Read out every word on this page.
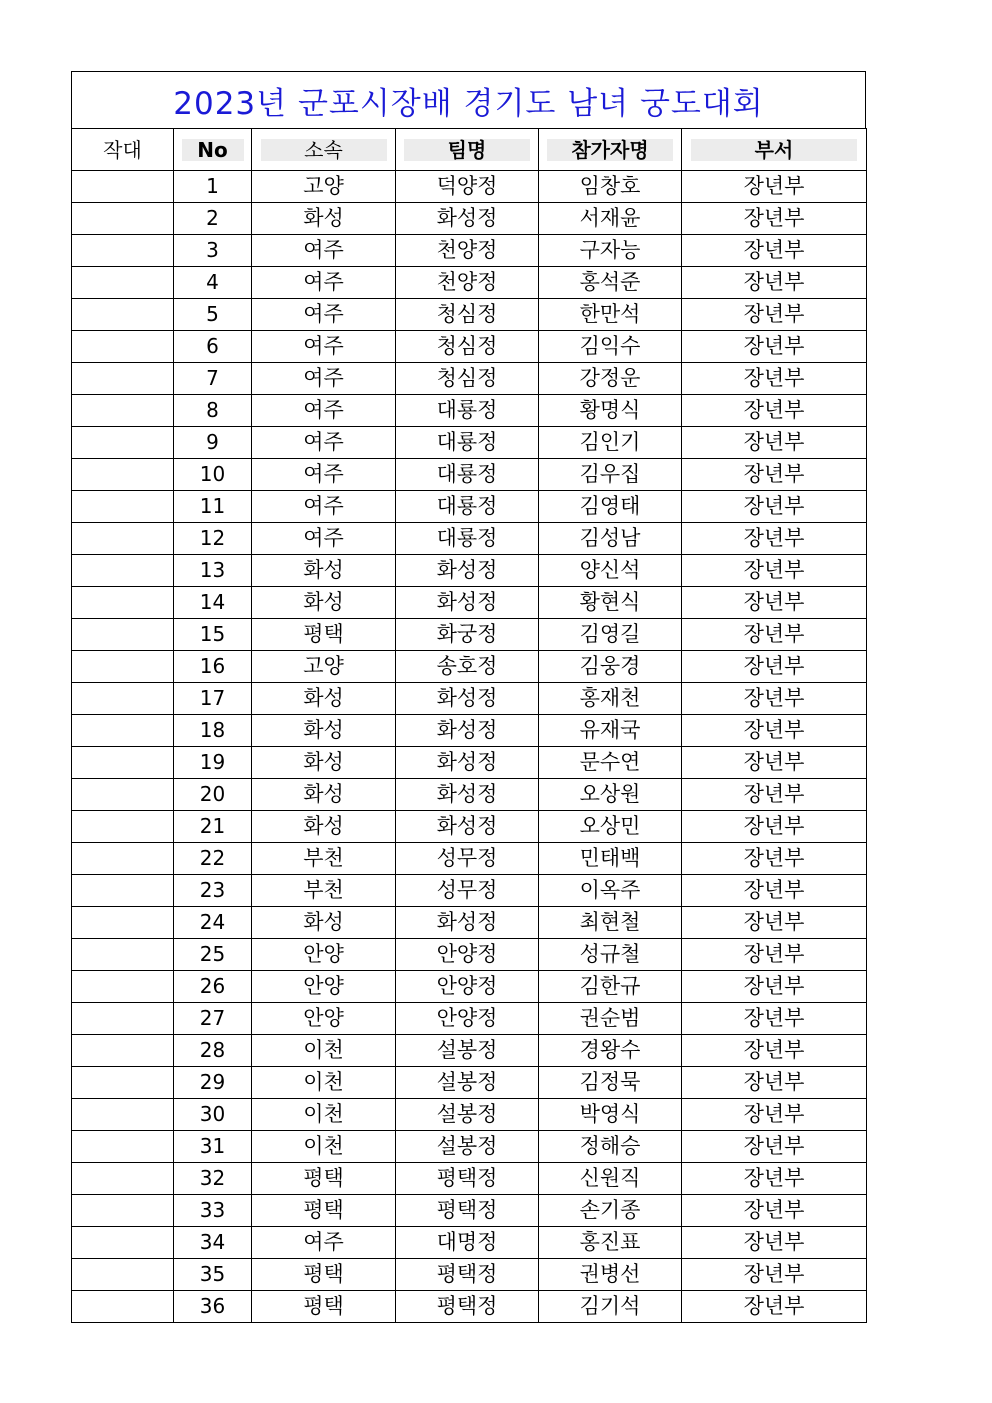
2023년 군포시장배 경기도 남녀 궁도대회
작대	No	소속	팀명	참가자명	부서

	1	고양	덕양정	임창호	장년부
	2	화성	화성정	서재윤	장년부
	3	여주	천양정	구자능	장년부
	4	여주	천양정	홍석준	장년부
	5	여주	청심정	한만석	장년부
	6	여주	청심정	김익수	장년부
	7	여주	청심정	강정운	장년부
	8	여주	대룡정	황명식	장년부
	9	여주	대룡정	김인기	장년부
	10	여주	대룡정	김우집	장년부
	11	여주	대룡정	김영태	장년부
	12	여주	대룡정	김성남	장년부
	13	화성	화성정	양신석	장년부
	14	화성	화성정	황현식	장년부
	15	평택	화궁정	김영길	장년부
	16	고양	송호정	김웅경	장년부
	17	화성	화성정	홍재천	장년부
	18	화성	화성정	유재국	장년부
	19	화성	화성정	문수연	장년부
	20	화성	화성정	오상원	장년부
	21	화성	화성정	오상민	장년부
	22	부천	성무정	민태백	장년부
	23	부천	성무정	이옥주	장년부
	24	화성	화성정	최현철	장년부
	25	안양	안양정	성규철	장년부
	26	안양	안양정	김한규	장년부
	27	안양	안양정	권순범	장년부
	28	이천	설봉정	경왕수	장년부
	29	이천	설봉정	김정묵	장년부
	30	이천	설봉정	박영식	장년부
	31	이천	설봉정	정해승	장년부
	32	평택	평택정	신원직	장년부
	33	평택	평택정	손기종	장년부
	34	여주	대명정	홍진표	장년부
	35	평택	평택정	권병선	장년부
	36	평택	평택정	김기석	장년부
